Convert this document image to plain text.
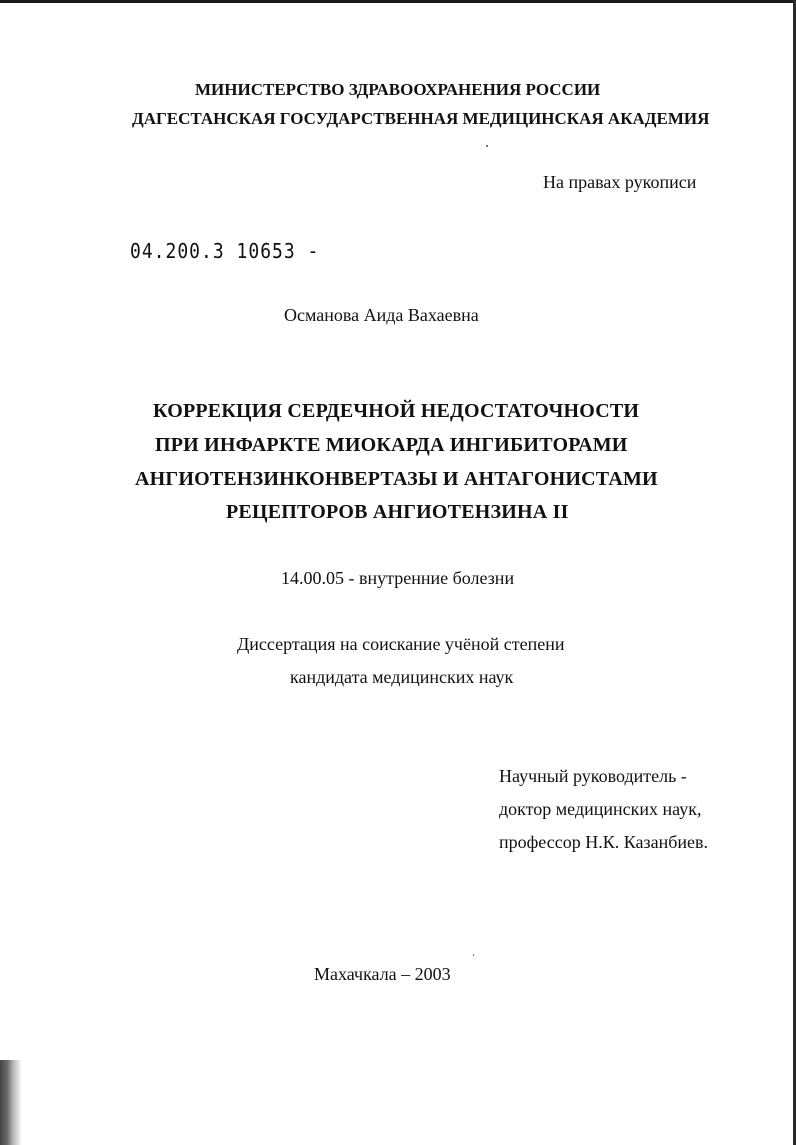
МИНИСТЕРСТВО ЗДРАВООХРАНЕНИЯ РОССИИ
ДАГЕСТАНСКАЯ ГОСУДАРСТВЕННАЯ МЕДИЦИНСКАЯ АКАДЕМИЯ
На правах рукописи
04.200.3 10653 -
Османова Аида Вахаевна
КОРРЕКЦИЯ СЕРДЕЧНОЙ НЕДОСТАТОЧНОСТИ
ПРИ ИНФАРКТЕ МИОКАРДА ИНГИБИТОРАМИ
АНГИОТЕНЗИНКОНВЕРТАЗЫ И АНТАГОНИСТАМИ
РЕЦЕПТОРОВ АНГИОТЕНЗИНА II
14.00.05 - внутренние болезни
Диссертация на соискание учёной степени
кандидата медицинских наук
Научный руководитель -
доктор медицинских наук,
профессор Н.К. Казанбиев.
Махачкала – 2003
